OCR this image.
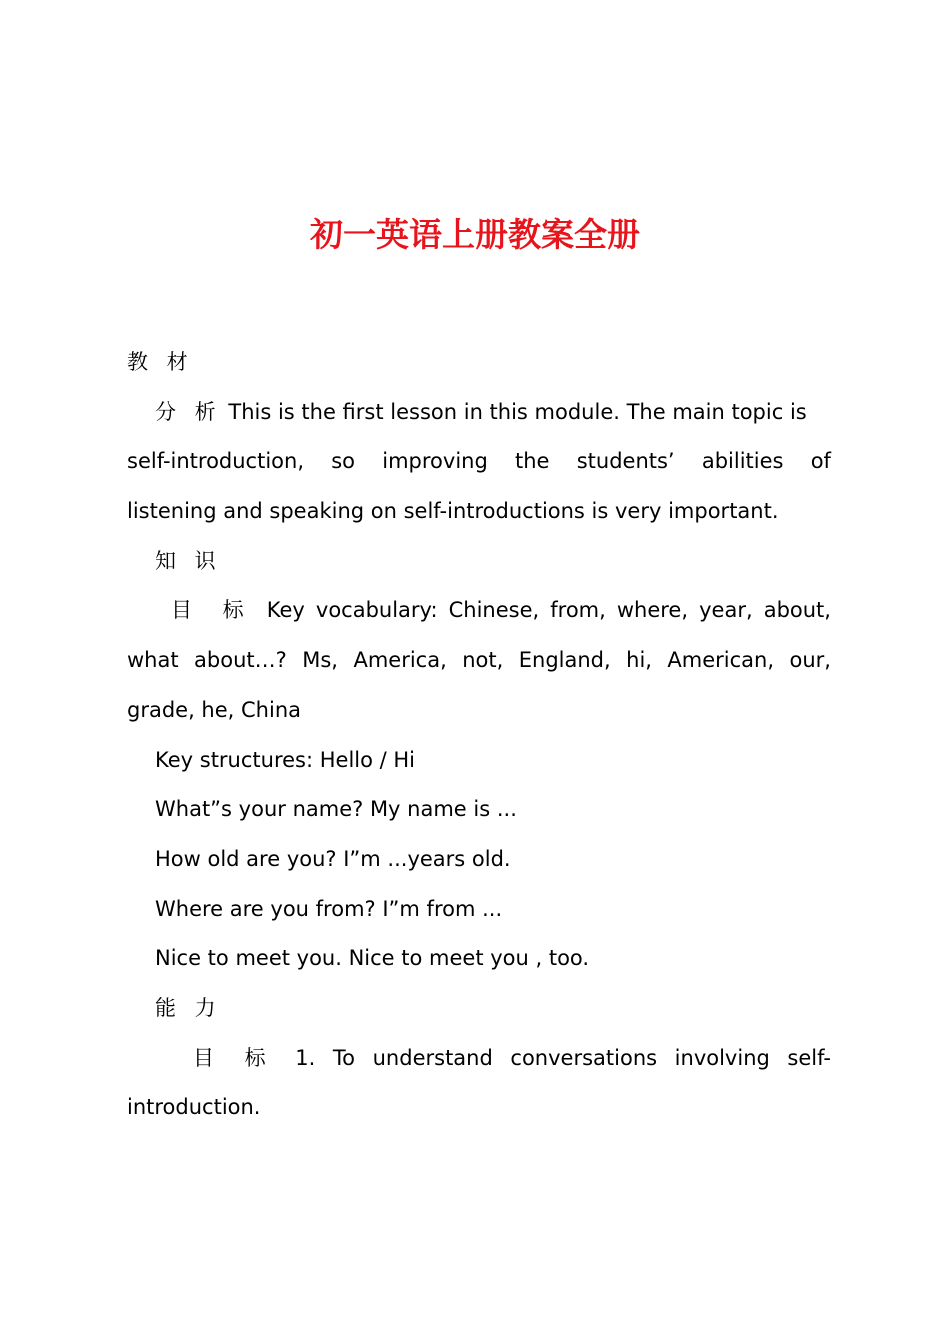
初一英语上册教案全册
教 材
分 析 This is the first lesson in this module. The main topic is
self-introduction, so improving the students’ abilities of
listening and speaking on self-introductions is very important.
知 识
目 标 Key vocabulary: Chinese, from, where, year, about,
what about…? Ms, America, not, England, hi, American, our,
grade, he, China
Key structures: Hello / Hi
What”s your name? My name is ...
How old are you? I”m ...years old.
Where are you from? I”m from ...
Nice to meet you. Nice to meet you , too.
能 力
目 标 1. To understand conversations involving self-
introduction.
